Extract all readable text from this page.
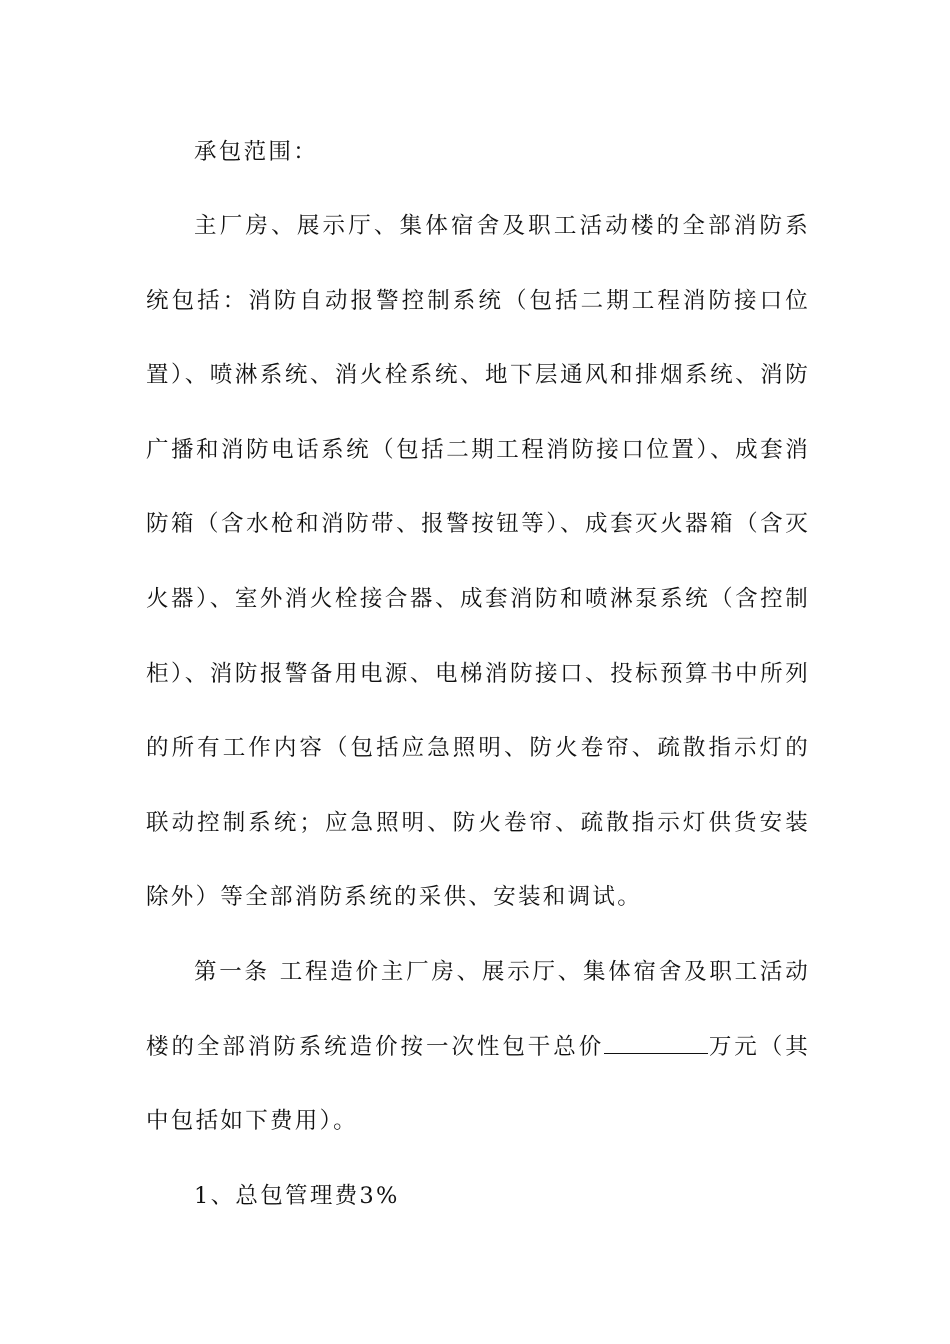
承包范围：

主厂房、展示厅、集体宿舍及职工活动楼的全部消防系统包括：消防自动报警控制系统（包括二期工程消防接口位置）、喷淋系统、消火栓系统、地下层通风和排烟系统、消防广播和消防电话系统（包括二期工程消防接口位置）、成套消防箱（含水枪和消防带、报警按钮等）、成套灭火器箱（含灭火器）、室外消火栓接合器、成套消防和喷淋泵系统（含控制柜）、消防报警备用电源、电梯消防接口、投标预算书中所列的所有工作内容（包括应急照明、防火卷帘、疏散指示灯的联动控制系统；应急照明、防火卷帘、疏散指示灯供货安装除外）等全部消防系统的采供、安装和调试。

第一条 工程造价主厂房、展示厅、集体宿舍及职工活动楼的全部消防系统造价按一次性包干总价	万元（其中包括如下费用）。

1、总包管理费3%
